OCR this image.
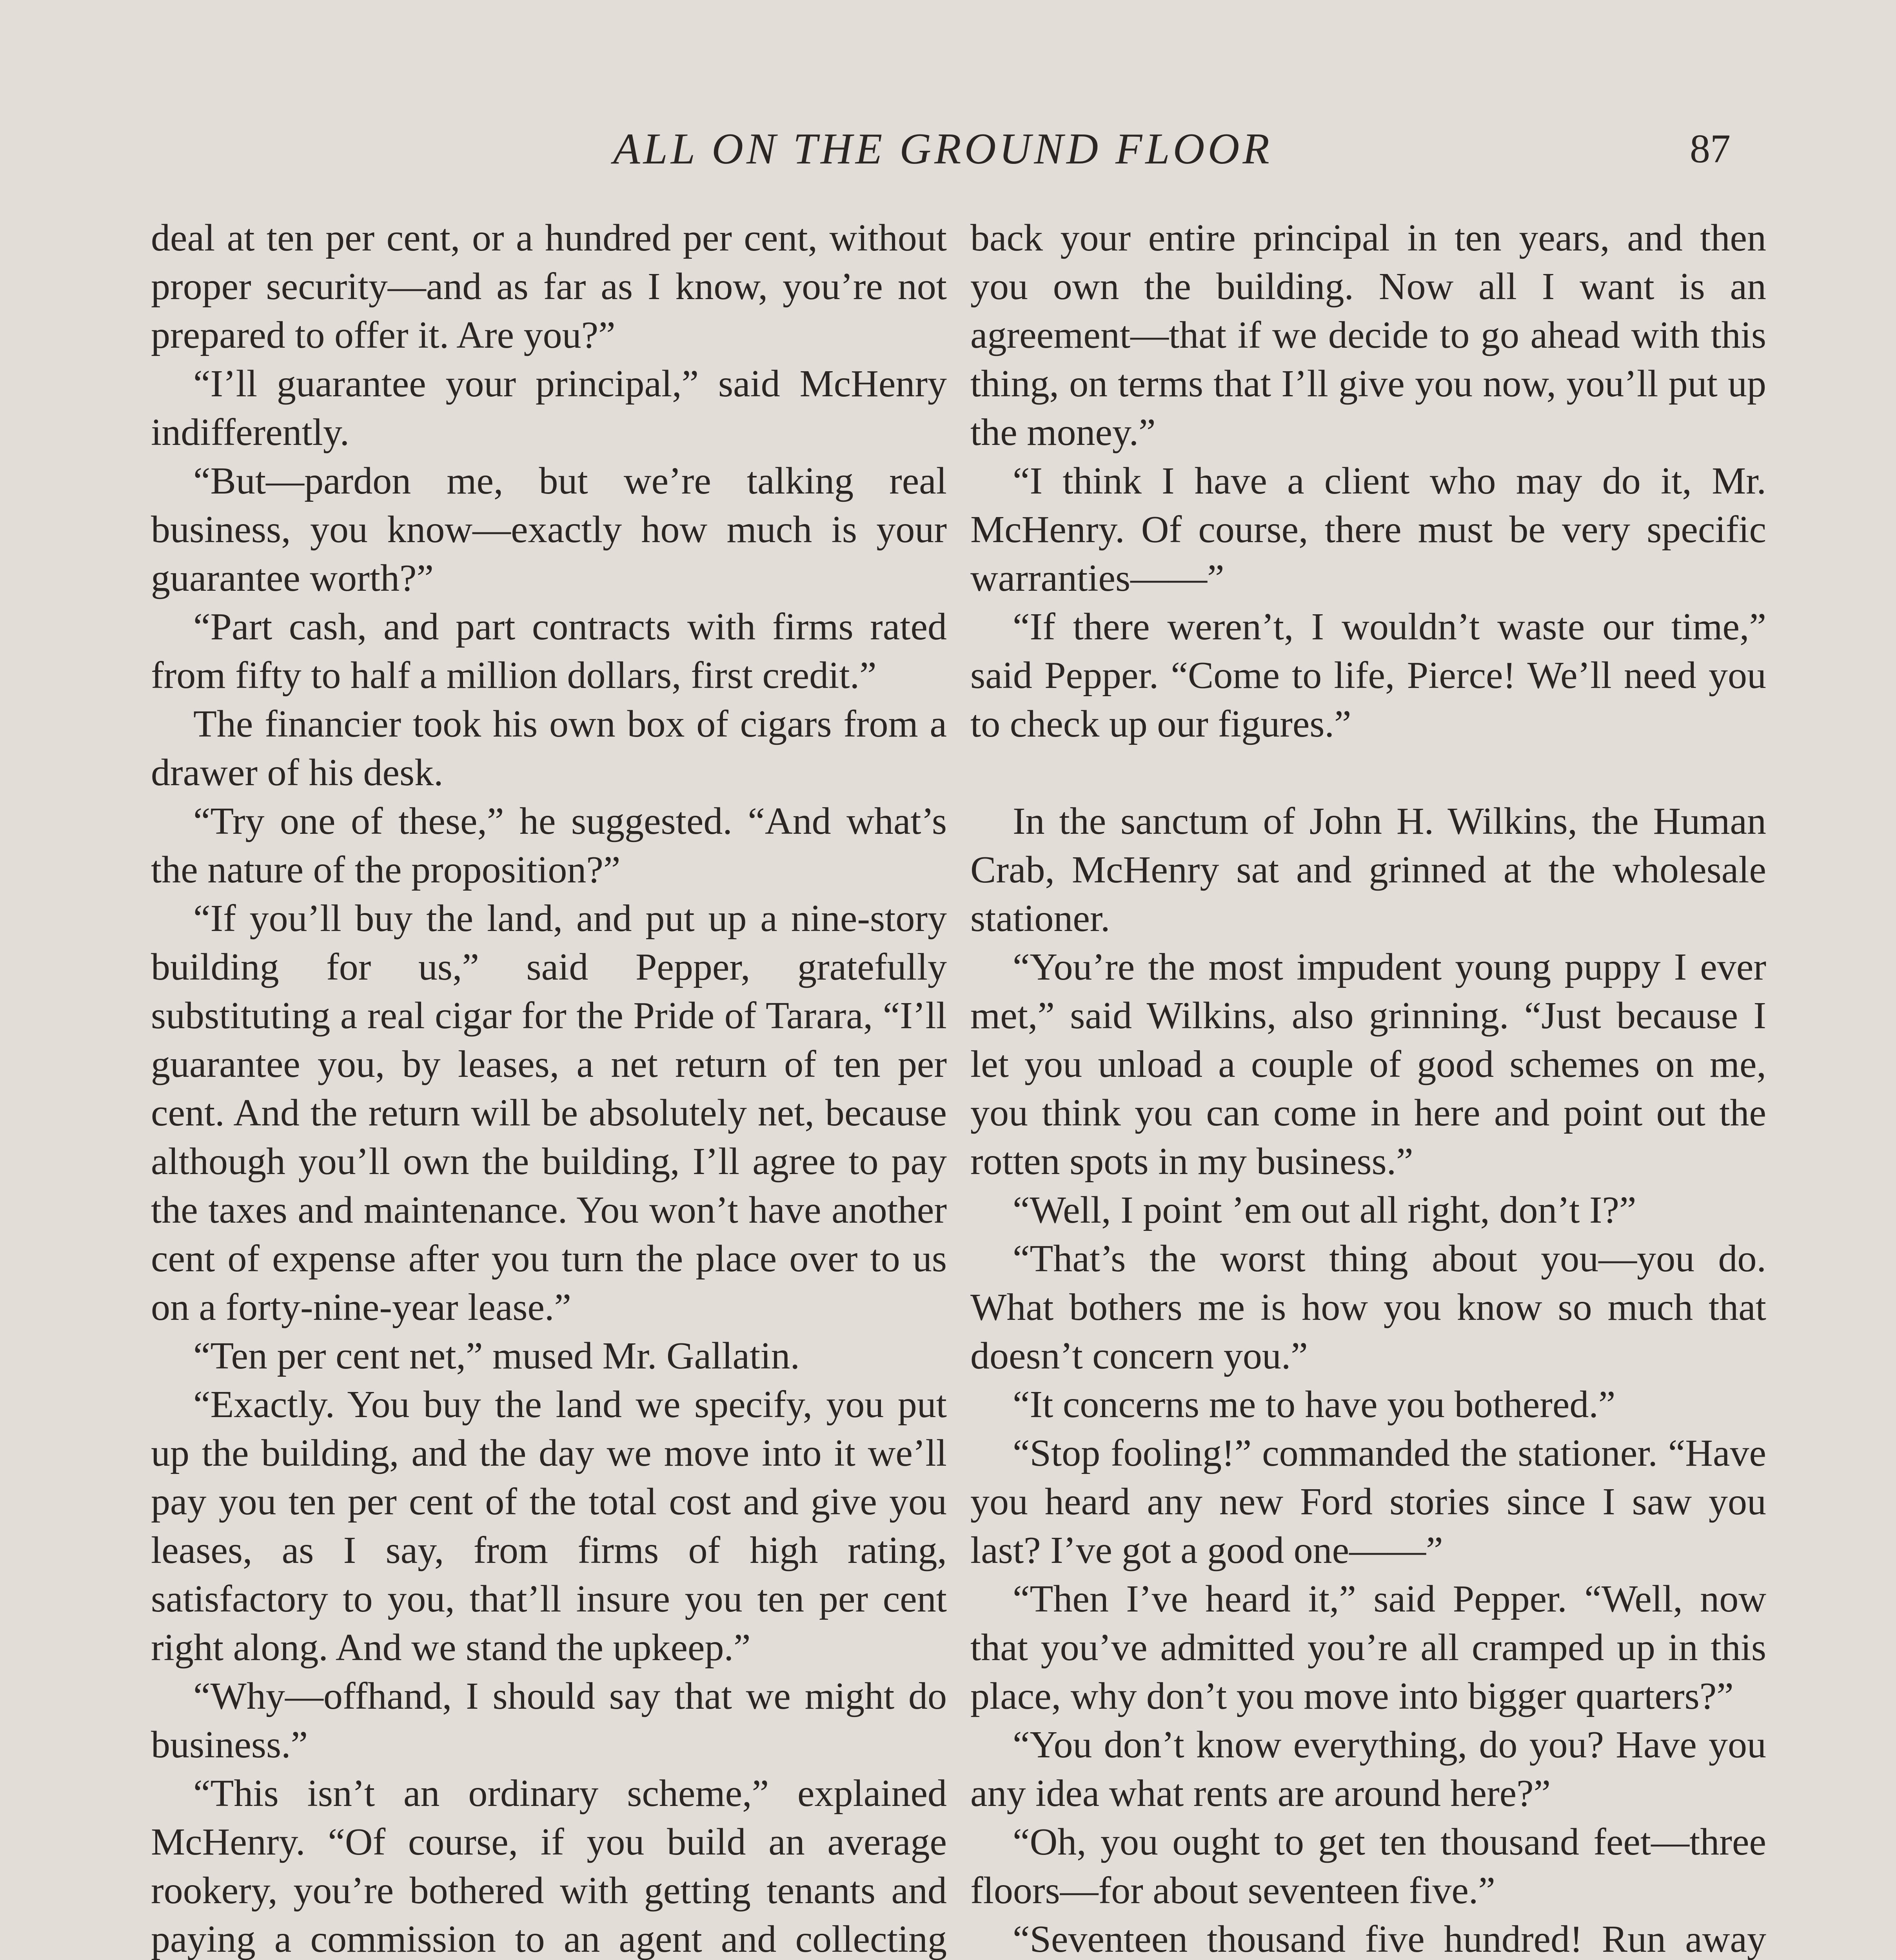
ALL ON THE GROUND FLOOR	87

deal at ten per cent, or a hundred per cent, without proper security—and as far as I know, you’re not prepared to offer it. Are you?”

“I’ll guarantee your principal,” said McHenry indifferently.

“But—pardon me, but we’re talking real business, you know—exactly how much is your guarantee worth?”

“Part cash, and part contracts with firms rated from fifty to half a million dollars, first credit.”

The financier took his own box of cigars from a drawer of his desk.

“Try one of these,” he suggested. “And what’s the nature of the proposition?”

“If you’ll buy the land, and put up a nine-story building for us,” said Pepper, gratefully substituting a real cigar for the Pride of Tarara, “I’ll guarantee you, by leases, a net return of ten per cent. And the return will be absolutely net, because although you’ll own the building, I’ll agree to pay the taxes and maintenance. You won’t have another cent of expense after you turn the place over to us on a forty-nine-year lease.”

“Ten per cent net,” mused Mr. Gallatin.

“Exactly. You buy the land we specify, you put up the building, and the day we move into it we’ll pay you ten per cent of the total cost and give you leases, as I say, from firms of high rating, satisfactory to you, that’ll insure you ten per cent right along. And we stand the upkeep.”

“Why—offhand, I should say that we might do business.”

“This isn’t an ordinary scheme,” explained McHenry. “Of course, if you build an average rookery, you’re bothered with getting tenants and paying a commission to an agent and collecting

back your entire principal in ten years, and then you own the building. Now all I want is an agreement—that if we decide to go ahead with this thing, on terms that I’ll give you now, you’ll put up the money.”

“I think I have a client who may do it, Mr. McHenry. Of course, there must be very specific warranties——”

“If there weren’t, I wouldn’t waste our time,” said Pepper. “Come to life, Pierce! We’ll need you to check up our figures.”

In the sanctum of John H. Wilkins, the Human Crab, McHenry sat and grinned at the wholesale stationer.

“You’re the most impudent young puppy I ever met,” said Wilkins, also grinning. “Just because I let you unload a couple of good schemes on me, you think you can come in here and point out the rotten spots in my business.”

“Well, I point ’em out all right, don’t I?”

“That’s the worst thing about you—you do. What bothers me is how you know so much that doesn’t concern you.”

“It concerns me to have you bothered.”

“Stop fooling!” commanded the stationer. “Have you heard any new Ford stories since I saw you last? I’ve got a good one——”

“Then I’ve heard it,” said Pepper. “Well, now that you’ve admitted you’re all cramped up in this place, why don’t you move into bigger quarters?”

“You don’t know everything, do you? Have you any idea what rents are around here?”

“Oh, you ought to get ten thousand feet—three floors—for about seventeen five.”

“Seventeen thousand five hundred! Run away
